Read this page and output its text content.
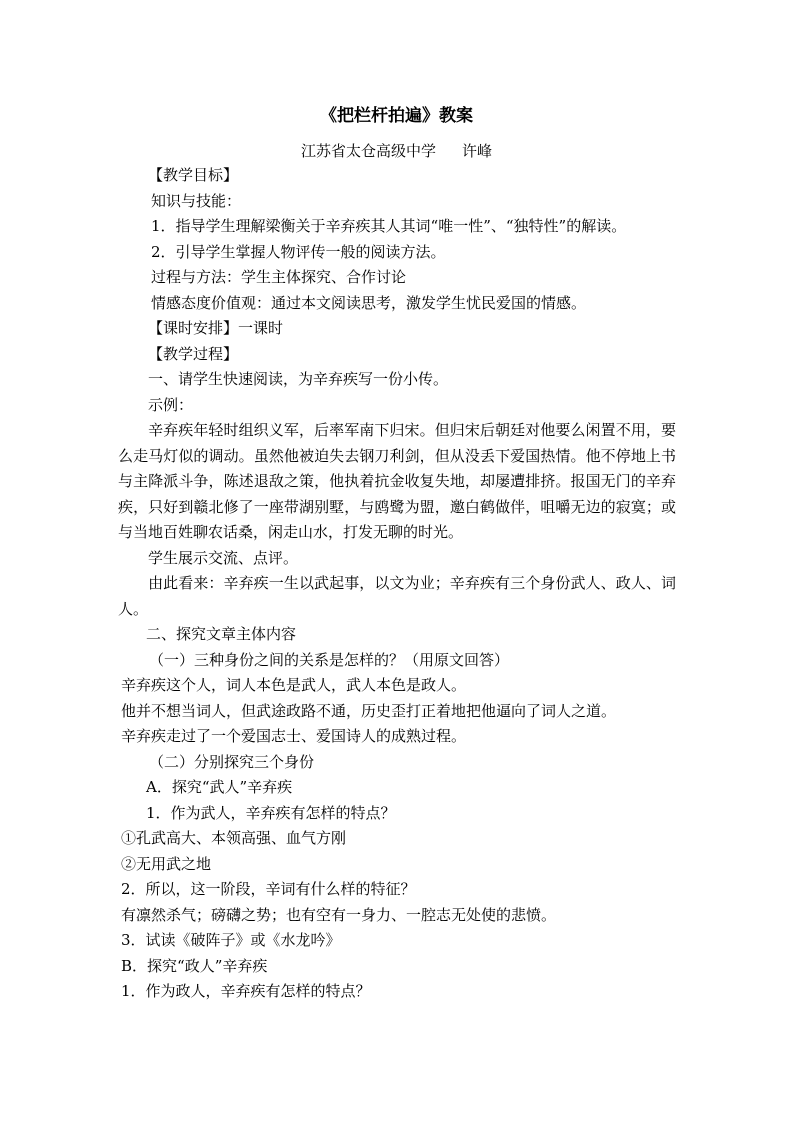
《把栏杆拍遍》教案
江苏省太仓高级中学 许峰
【教学目标】
知识与技能：
1．指导学生理解梁衡关于辛弃疾其人其词“唯一性”、“独特性”的解读。
2．引导学生掌握人物评传一般的阅读方法。
过程与方法：学生主体探究、合作讨论
情感态度价值观：通过本文阅读思考，激发学生忧民爱国的情感。
【课时安排】一课时
【教学过程】
一、请学生快速阅读，为辛弃疾写一份小传。
示例：
辛弃疾年轻时组织义军，后率军南下归宋。但归宋后朝廷对他要么闲置不用，要么走马灯似的调动。虽然他被迫失去钢刀利剑，但从没丢下爱国热情。他不停地上书与主降派斗争，陈述退敌之策，他执着抗金收复失地，却屡遭排挤。报国无门的辛弃疾，只好到赣北修了一座带湖别墅，与鸥鹭为盟，邀白鹤做伴，咀嚼无边的寂寞；或与当地百姓聊农话桑，闲走山水，打发无聊的时光。
学生展示交流、点评。
由此看来：辛弃疾一生以武起事，以文为业；辛弃疾有三个身份武人、政人、词人。
二、探究文章主体内容
（一）三种身份之间的关系是怎样的？（用原文回答）
辛弃疾这个人，词人本色是武人，武人本色是政人。
他并不想当词人，但武途政路不通，历史歪打正着地把他逼向了词人之道。
辛弃疾走过了一个爱国志士、爱国诗人的成熟过程。
（二）分别探究三个身份
A．探究“武人”辛弃疾
1．作为武人，辛弃疾有怎样的特点？
①孔武高大、本领高强、血气方刚
②无用武之地
2．所以，这一阶段，辛词有什么样的特征？
有凛然杀气；磅礴之势；也有空有一身力、一腔志无处使的悲愤。
3．试读《破阵子》或《水龙吟》
B．探究“政人”辛弃疾
1．作为政人，辛弃疾有怎样的特点？
